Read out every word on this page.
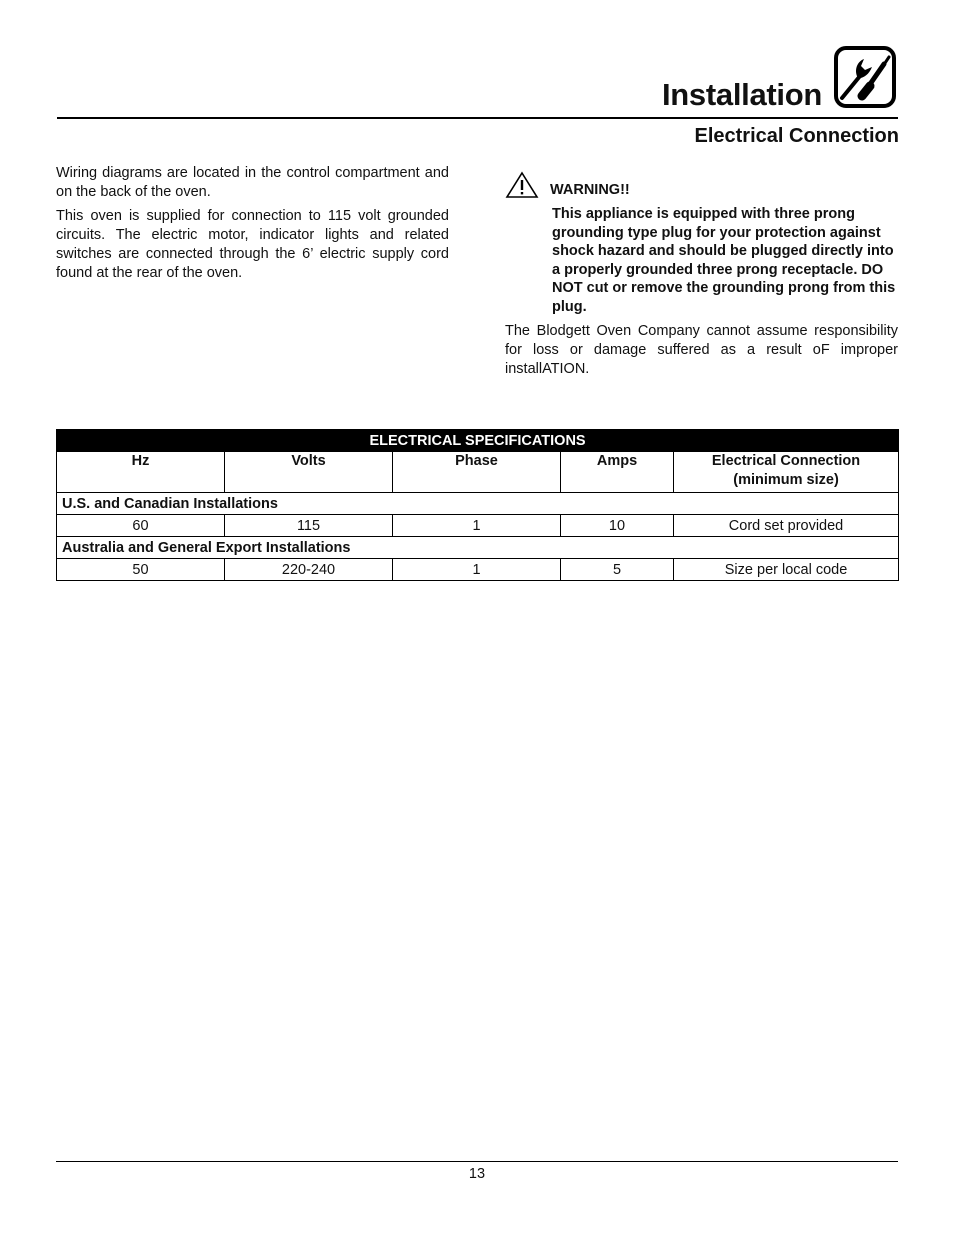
Installation
Electrical Connection

Wiring diagrams are located in the control compartment and on the back of the oven.

This oven is supplied for connection to 115 volt grounded circuits. The electric motor, indicator lights and related switches are connected through the 6’ electric supply cord found at the rear of the oven.

WARNING!!

This appliance is equipped with three prong grounding type plug for your protection against shock hazard and should be plugged directly into a properly grounded three prong receptacle. DO NOT cut or remove the grounding prong from this plug.

The Blodgett Oven Company cannot assume responsibility for loss or damage suffered as a result oF improper installATION.

ELECTRICAL SPECIFICATIONS				
Hz	Volts	Phase	Amps	Electrical Connection
(minimum size)
U.S. and Canadian Installations				
60	115	1	10	Cord set provided
Australia and General Export Installations				
50	220-240	1	5	Size per local code
13
